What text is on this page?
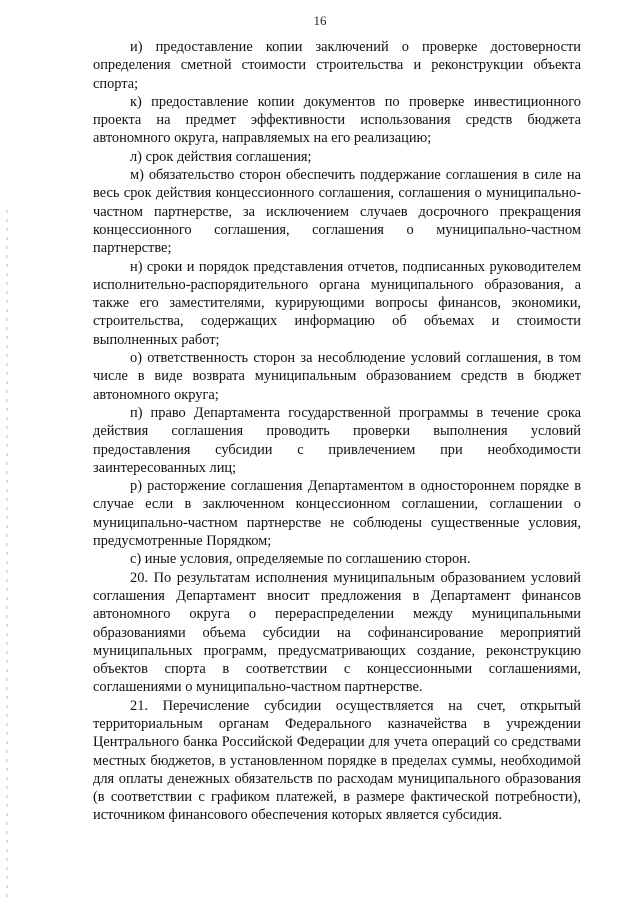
16

и) предоставление копии заключений о проверке достоверности определения сметной стоимости строительства и реконструкции объекта спорта;

к) предоставление копии документов по проверке инвестиционного проекта на предмет эффективности использования средств бюджета автономного округа, направляемых на его реализацию;

л) срок действия соглашения;

м) обязательство сторон обеспечить поддержание соглашения в силе на весь срок действия концессионного соглашения, соглашения о муниципально-частном партнерстве, за исключением случаев досрочного прекращения концессионного соглашения, соглашения о муниципально-частном партнерстве;

н) сроки и порядок представления отчетов, подписанных руководителем исполнительно-распорядительного органа муниципального образования, а также его заместителями, курирующими вопросы финансов, экономики, строительства, содержащих информацию об объемах и стоимости выполненных работ;

о) ответственность сторон за несоблюдение условий соглашения, в том числе в виде возврата муниципальным образованием средств в бюджет автономного округа;

п) право Департамента государственной программы в течение срока действия соглашения проводить проверки выполнения условий предоставления субсидии с привлечением при необходимости заинтересованных лиц;

р) расторжение соглашения Департаментом в одностороннем порядке в случае если в заключенном концессионном соглашении, соглашении о муниципально-частном партнерстве не соблюдены существенные условия, предусмотренные Порядком;

с) иные условия, определяемые по соглашению сторон.

20. По результатам исполнения муниципальным образованием условий соглашения Департамент вносит предложения в Департамент финансов автономного округа о перераспределении между муниципальными образованиями объема субсидии на софинансирование мероприятий муниципальных программ, предусматривающих создание, реконструкцию объектов спорта в соответствии с концессионными соглашениями, соглашениями о муниципально-частном партнерстве.

21. Перечисление субсидии осуществляется на счет, открытый территориальным органам Федерального казначейства в учреждении Центрального банка Российской Федерации для учета операций со средствами местных бюджетов, в установленном порядке в пределах суммы, необходимой для оплаты денежных обязательств по расходам муниципального образования (в соответствии с графиком платежей, в размере фактической потребности), источником финансового обеспечения которых является субсидия.
